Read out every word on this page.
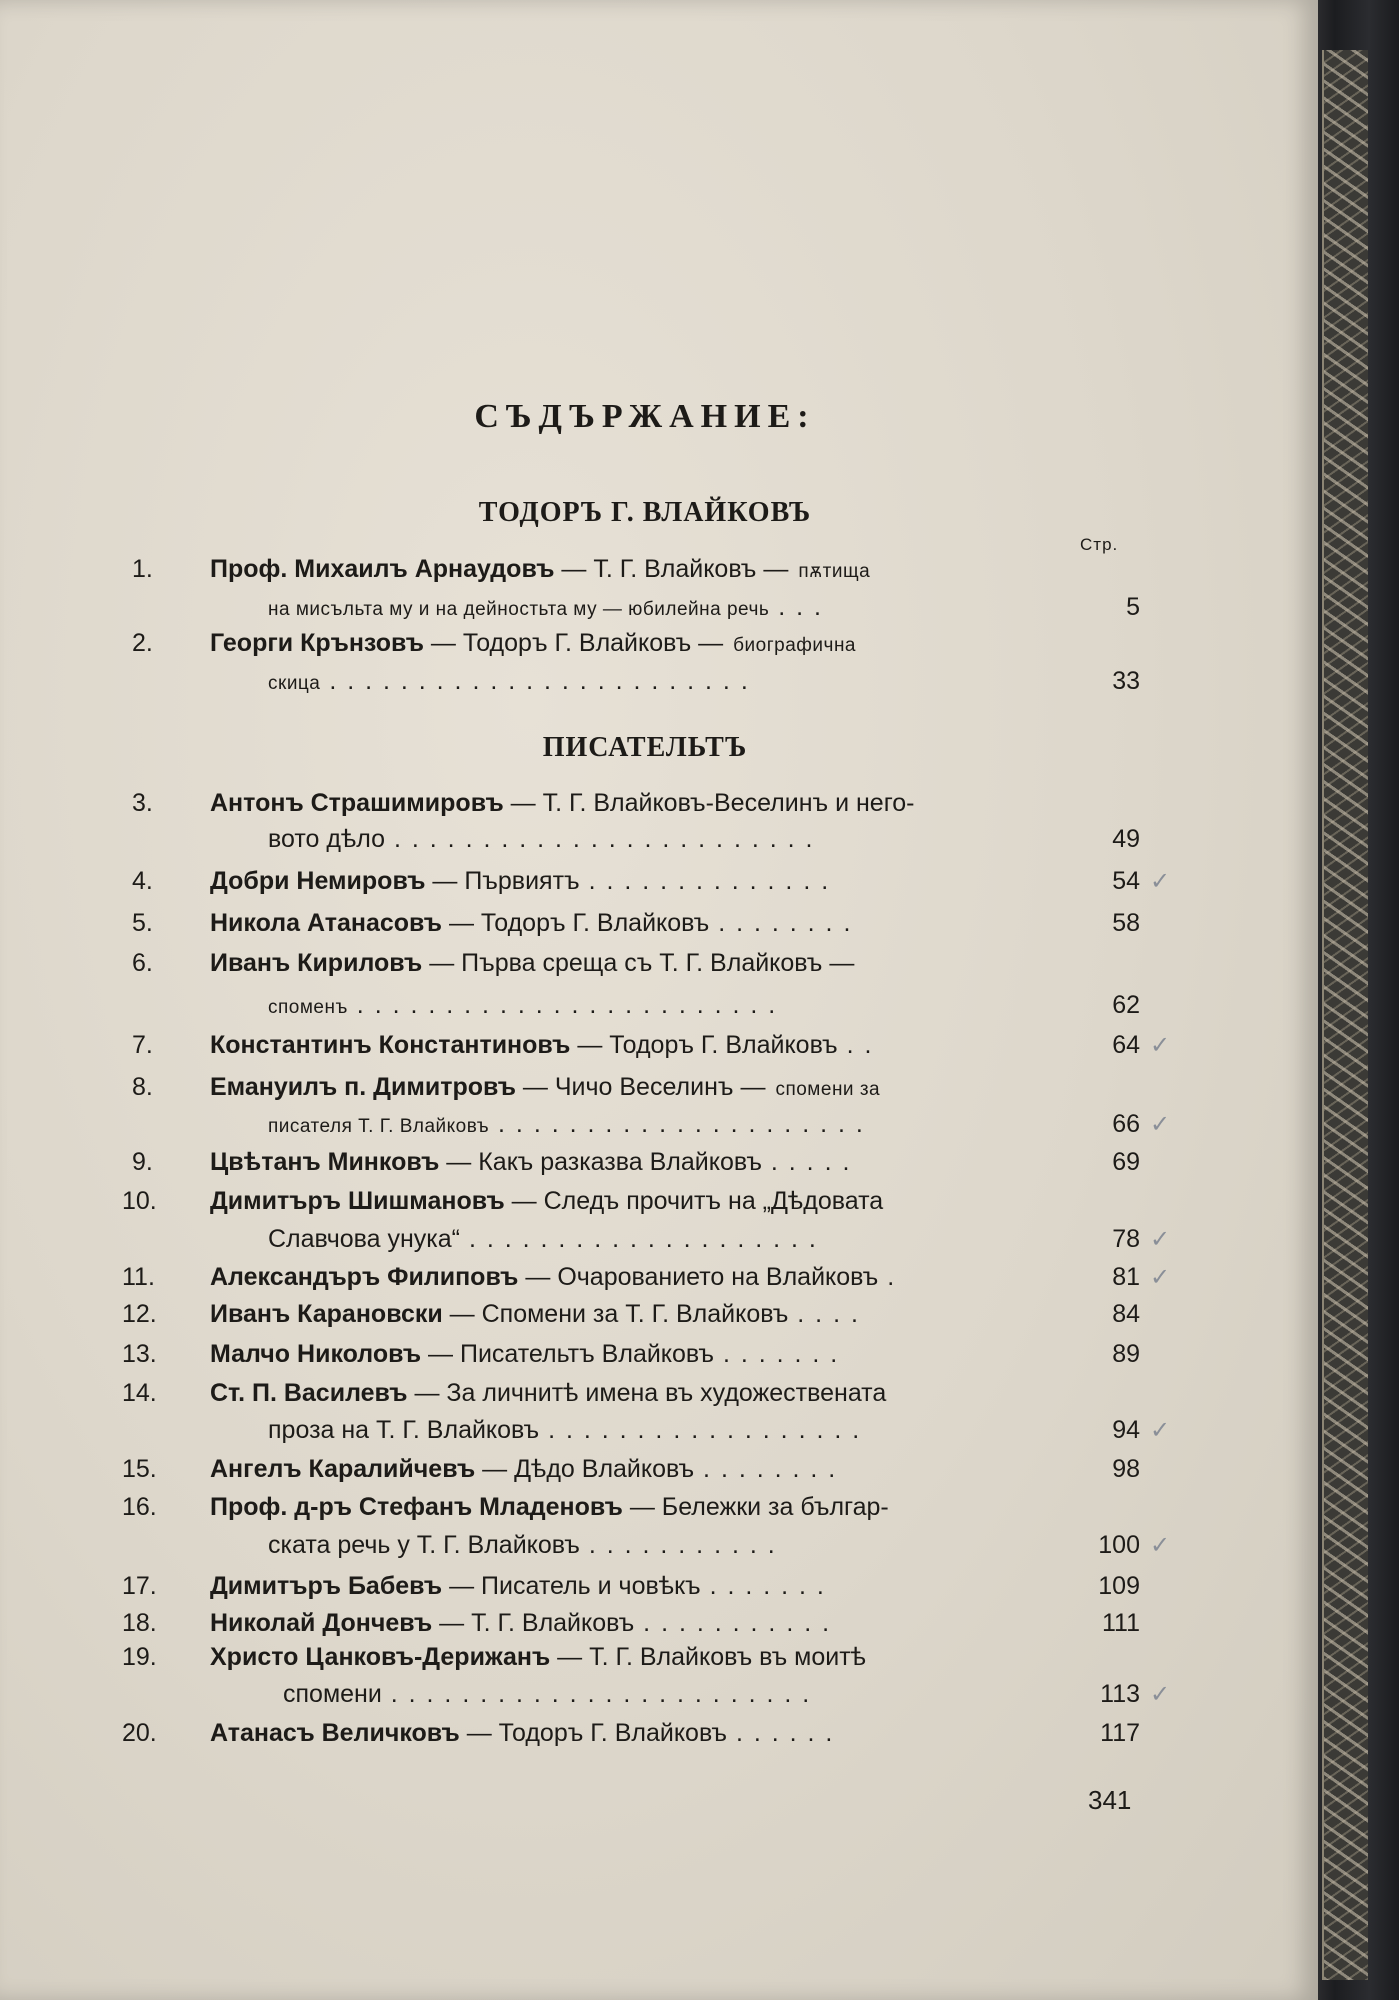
СЪДЪРЖАНИЕ:
ТОДОРЪ Г. ВЛАЙКОВЪ
Стр.
ПИСАТЕЛЬТЪ
1. Проф. Михаилъ Арнаудовъ — Т. Г. Влайковъ — пѫтища
на мисъльта му и на дейностьта му — юбилейна речь . . .	5
2. Георги Крънзовъ — Тодоръ Г. Влайковъ — биографична
скица . . . . . . . . . . . . . . . . . . . . . . . .	33
3. Антонъ Страшимировъ — Т. Г. Влайковъ-Веселинъ и него-
вото дѣло . . . . . . . . . . . . . . . . . . . . . . . .	49
4. Добри Немировъ — Първиятъ . . . . . . . . . . . . . .	54 ✓
5. Никола Атанасовъ — Тодоръ Г. Влайковъ . . . . . . . .	58
6. Иванъ Кириловъ — Първа среща съ Т. Г. Влайковъ —
споменъ . . . . . . . . . . . . . . . . . . . . . . . .	62
7. Константинъ Константиновъ — Тодоръ Г. Влайковъ . .	64 ✓
8. Емануилъ п. Димитровъ — Чичо Веселинъ — спомени за
писателя Т. Г. Влайковъ . . . . . . . . . . . . . . . . . . . . .	66 ✓
9. Цвѣтанъ Минковъ — Какъ разказва Влайковъ . . . . .	69
10. Димитъръ Шишмановъ — Следъ прочитъ на „Дѣдовата
Славчова унука“ . . . . . . . . . . . . . . . . . . . .	78 ✓
11. Александъръ Филиповъ — Очарованието на Влайковъ .	81 ✓
12. Иванъ Карановски — Спомени за Т. Г. Влайковъ . . . .	84
13. Малчо Николовъ — Писательтъ Влайковъ . . . . . . .	89
14. Ст. П. Василевъ — За личнитѣ имена въ художествената
проза на Т. Г. Влайковъ . . . . . . . . . . . . . . . . . .	94 ✓
15. Ангелъ Каралийчевъ — Дѣдо Влайковъ . . . . . . . .	98
16. Проф. д-ръ Стефанъ Младеновъ — Бележки за българ-
ската речь у Т. Г. Влайковъ . . . . . . . . . . .	100 ✓
17. Димитъръ Бабевъ — Писатель и човѣкъ . . . . . . .	109
18. Николай Дончевъ — Т. Г. Влайковъ . . . . . . . . . . .	111
19. Христо Цанковъ-Дерижанъ — Т. Г. Влайковъ въ моитѣ
спомени . . . . . . . . . . . . . . . . . . . . . . . .	113 ✓
20. Атанасъ Величковъ — Тодоръ Г. Влайковъ . . . . . .	117
341
